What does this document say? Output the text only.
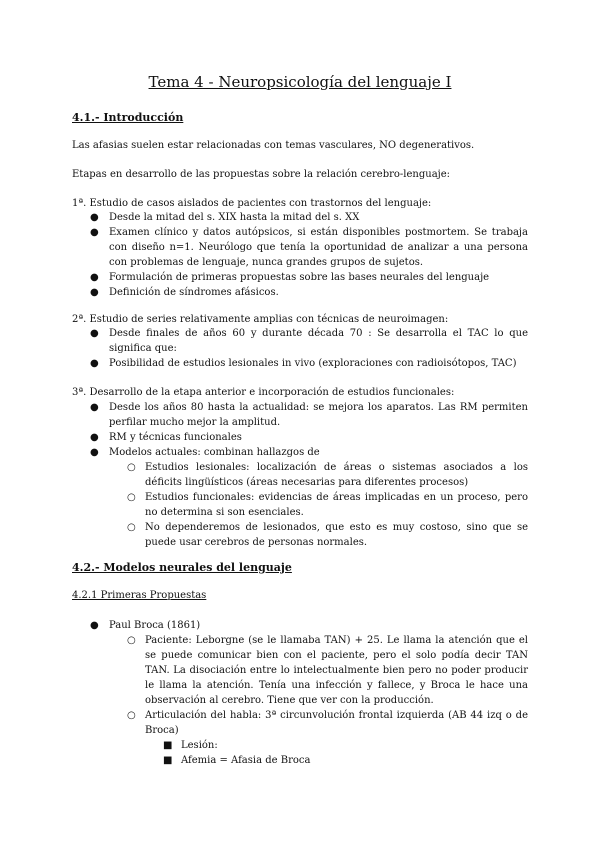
Tema 4 - Neuropsicología del lenguaje I
4.1.- Introducción
Las afasias suelen estar relacionadas con temas vasculares, NO degenerativos.
Etapas en desarrollo de las propuestas sobre la relación cerebro-lenguaje:
1ª. Estudio de casos aislados de pacientes con trastornos del lenguaje:
● Desde la mitad del s. XIX hasta la mitad del s. XX
● Examen clínico y datos autópsicos, si están disponibles postmortem. Se trabaja con diseño n=1. Neurólogo que tenía la oportunidad de analizar a una persona con problemas de lenguaje, nunca grandes grupos de sujetos.
● Formulación de primeras propuestas sobre las bases neurales del lenguaje
● Definición de síndromes afásicos.
2ª. Estudio de series relativamente amplias con técnicas de neuroimagen:
● Desde finales de años 60 y durante década 70 : Se desarrolla el TAC lo que significa que:
● Posibilidad de estudios lesionales in vivo (exploraciones con radioisótopos, TAC)
3ª. Desarrollo de la etapa anterior e incorporación de estudios funcionales:
● Desde los años 80 hasta la actualidad: se mejora los aparatos. Las RM permiten perfilar mucho mejor la amplitud.
● RM y técnicas funcionales
● Modelos actuales: combinan hallazgos de
○ Estudios lesionales: localización de áreas o sistemas asociados a los déficits lingüísticos (áreas necesarias para diferentes procesos)
○ Estudios funcionales: evidencias de áreas implicadas en un proceso, pero no determina si son esenciales.
○ No dependeremos de lesionados, que esto es muy costoso, sino que se puede usar cerebros de personas normales.
4.2.- Modelos neurales del lenguaje
4.2.1 Primeras Propuestas
● Paul Broca (1861)
○ Paciente: Leborgne (se le llamaba TAN) + 25. Le llama la atención que el se puede comunicar bien con el paciente, pero el solo podía decir TAN TAN. La disociación entre lo intelectualmente bien pero no poder producir le llama la atención. Tenía una infección y fallece, y Broca le hace una observación al cerebro. Tiene que ver con la producción.
○ Articulación del habla: 3ª circunvolución frontal izquierda (AB 44 izq o de Broca)
■ Lesión:
■ Afemia = Afasia de Broca
